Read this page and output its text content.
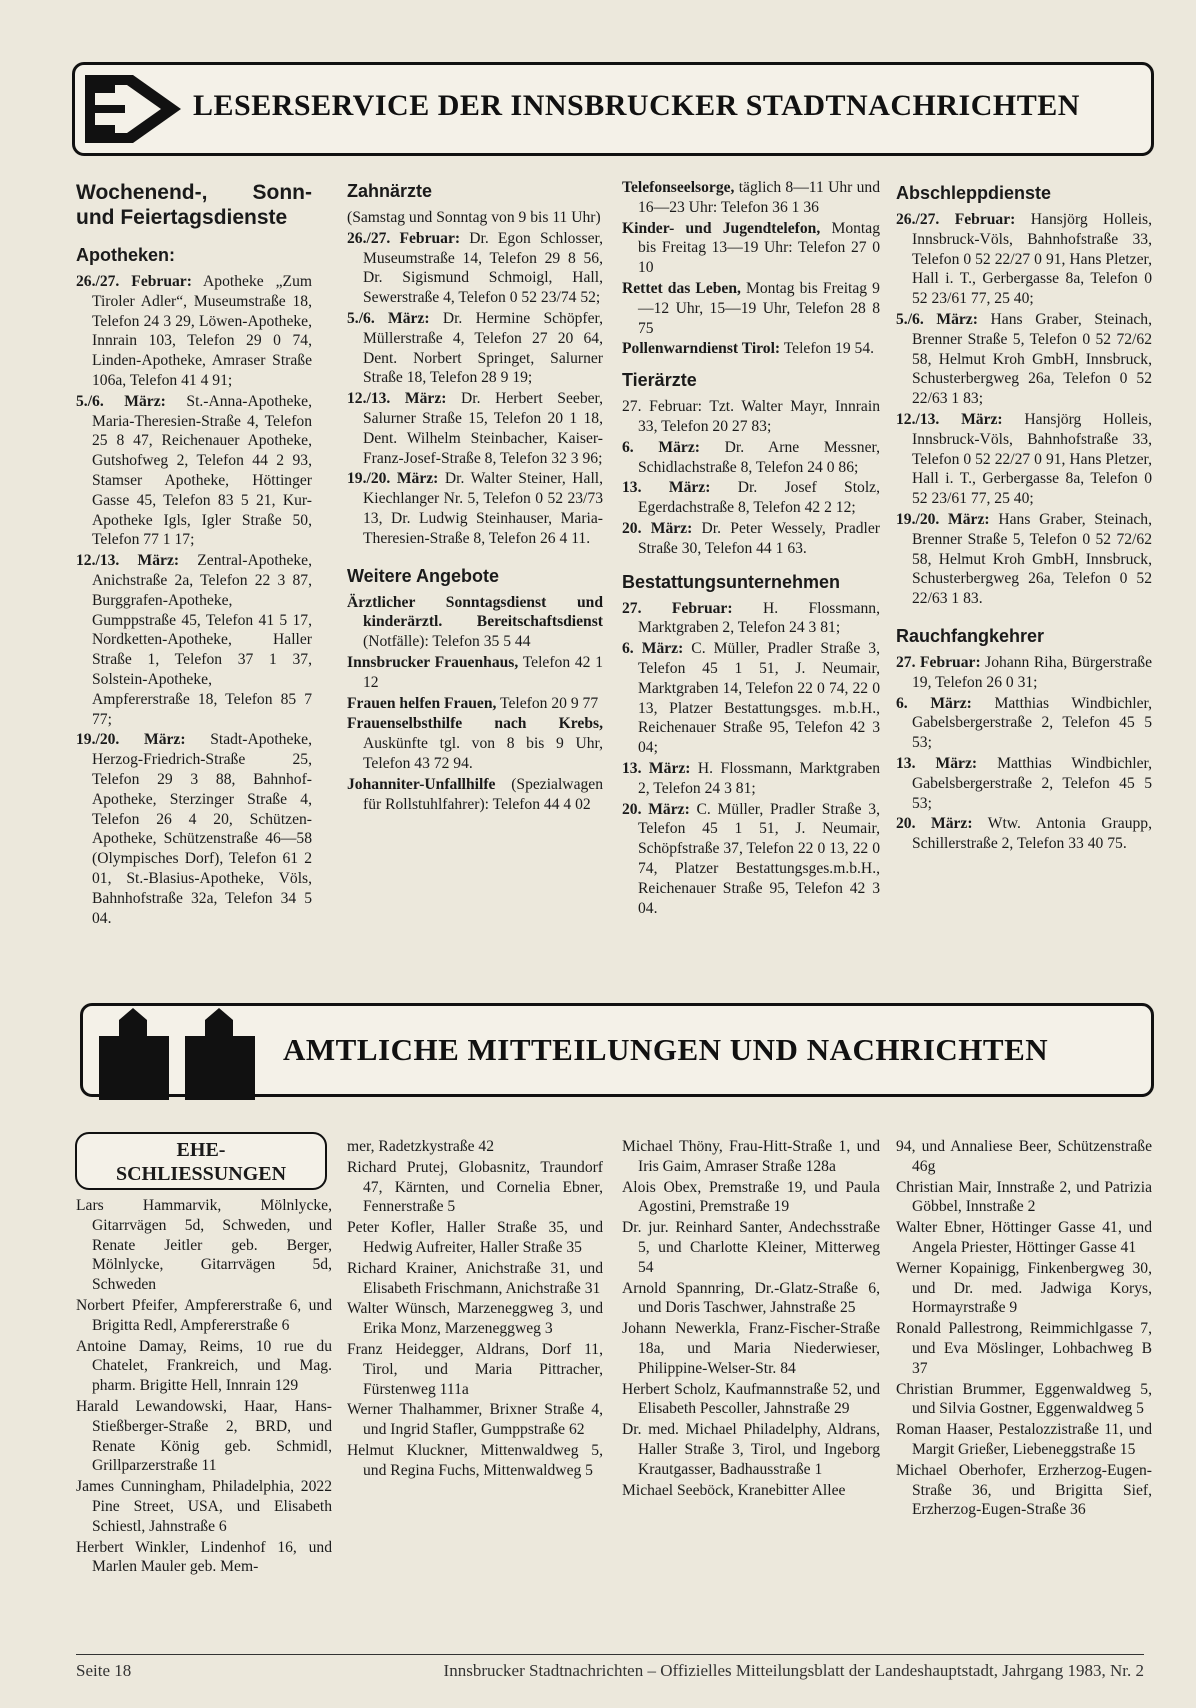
LESERSERVICE DER INNSBRUCKER STADTNACHRICHTEN
Wochenend-, Sonn- und Feiertagsdienste
Apotheken:

26./27. Februar: Apotheke „Zum Tiroler Adler“, Museumstraße 18, Telefon 24 3 29, Löwen-Apotheke, Innrain 103, Telefon 29 0 74, Linden-Apotheke, Amraser Straße 106a, Telefon 41 4 91;

5./6. März: St.-Anna-Apotheke, Maria-Theresien-Straße 4, Telefon 25 8 47, Reichenauer Apotheke, Gutshofweg 2, Telefon 44 2 93, Stamser Apotheke, Höttinger Gasse 45, Telefon 83 5 21, Kur-Apotheke Igls, Igler Straße 50, Telefon 77 1 17;

12./13. März: Zentral-Apotheke, Anichstraße 2a, Telefon 22 3 87, Burggrafen-Apotheke, Gumppstraße 45, Telefon 41 5 17, Nordketten-Apotheke, Haller Straße 1, Telefon 37 1 37, Solstein-Apotheke, Ampfererstraße 18, Telefon 85 7 77;

19./20. März: Stadt-Apotheke, Herzog-Friedrich-Straße 25, Telefon 29 3 88, Bahnhof-Apotheke, Sterzinger Straße 4, Telefon 26 4 20, Schützen-Apotheke, Schützenstraße 46—58 (Olympisches Dorf), Telefon 61 2 01, St.-Blasius-Apotheke, Völs, Bahnhofstraße 32a, Telefon 34 5 04.

Zahnärzte

(Samstag und Sonntag von 9 bis 11 Uhr)

26./27. Februar: Dr. Egon Schlosser, Museumstraße 14, Telefon 29 8 56, Dr. Sigismund Schmoigl, Hall, Sewerstraße 4, Telefon 0 52 23/74 52;

5./6. März: Dr. Hermine Schöpfer, Müllerstraße 4, Telefon 27 20 64, Dent. Norbert Springet, Salurner Straße 18, Telefon 28 9 19;

12./13. März: Dr. Herbert Seeber, Salurner Straße 15, Telefon 20 1 18, Dent. Wilhelm Steinbacher, Kaiser-Franz-Josef-Straße 8, Telefon 32 3 96;

19./20. März: Dr. Walter Steiner, Hall, Kiechlanger Nr. 5, Telefon 0 52 23/73 13, Dr. Ludwig Steinhauser, Maria-Theresien-Straße 8, Telefon 26 4 11.

Weitere Angebote

Ärztlicher Sonntagsdienst und kinderärztl. Bereitschaftsdienst (Notfälle): Telefon 35 5 44

Innsbrucker Frauenhaus, Telefon 42 1 12

Frauen helfen Frauen, Telefon 20 9 77

Frauenselbsthilfe nach Krebs, Auskünfte tgl. von 8 bis 9 Uhr, Telefon 43 72 94.

Johanniter-Unfallhilfe (Spezialwagen für Rollstuhlfahrer): Telefon 44 4 02

Telefonseelsorge, täglich 8—11 Uhr und 16—23 Uhr: Telefon 36 1 36

Kinder- und Jugendtelefon, Montag bis Freitag 13—19 Uhr: Telefon 27 0 10

Rettet das Leben, Montag bis Freitag 9—12 Uhr, 15—19 Uhr, Telefon 28 8 75

Pollenwarndienst Tirol: Telefon 19 54.

Tierärzte

27. Februar: Tzt. Walter Mayr, Innrain 33, Telefon 20 27 83;

6. März: Dr. Arne Messner, Schidlachstraße 8, Telefon 24 0 86;

13. März: Dr. Josef Stolz, Egerdachstraße 8, Telefon 42 2 12;

20. März: Dr. Peter Wessely, Pradler Straße 30, Telefon 44 1 63.

Bestattungsunternehmen

27. Februar: H. Flossmann, Marktgraben 2, Telefon 24 3 81;

6. März: C. Müller, Pradler Straße 3, Telefon 45 1 51, J. Neumair, Marktgraben 14, Telefon 22 0 74, 22 0 13, Platzer Bestattungsges. m.b.H., Reichenauer Straße 95, Telefon 42 3 04;

13. März: H. Flossmann, Marktgraben 2, Telefon 24 3 81;

20. März: C. Müller, Pradler Straße 3, Telefon 45 1 51, J. Neumair, Schöpfstraße 37, Telefon 22 0 13, 22 0 74, Platzer Bestattungsges.m.b.H., Reichenauer Straße 95, Telefon 42 3 04.

Abschleppdienste

26./27. Februar: Hansjörg Holleis, Innsbruck-Völs, Bahnhofstraße 33, Telefon 0 52 22/27 0 91, Hans Pletzer, Hall i. T., Gerbergasse 8a, Telefon 0 52 23/61 77, 25 40;

5./6. März: Hans Graber, Steinach, Brenner Straße 5, Telefon 0 52 72/62 58, Helmut Kroh GmbH, Innsbruck, Schusterbergweg 26a, Telefon 0 52 22/63 1 83;

12./13. März: Hansjörg Holleis, Innsbruck-Völs, Bahnhofstraße 33, Telefon 0 52 22/27 0 91, Hans Pletzer, Hall i. T., Gerbergasse 8a, Telefon 0 52 23/61 77, 25 40;

19./20. März: Hans Graber, Steinach, Brenner Straße 5, Telefon 0 52 72/62 58, Helmut Kroh GmbH, Innsbruck, Schusterbergweg 26a, Telefon 0 52 22/63 1 83.

Rauchfangkehrer

27. Februar: Johann Riha, Bürgerstraße 19, Telefon 26 0 31;

6. März: Matthias Windbichler, Gabelsbergerstraße 2, Telefon 45 5 53;

13. März: Matthias Windbichler, Gabelsbergerstraße 2, Telefon 45 5 53;

20. März: Wtw. Antonia Graupp, Schillerstraße 2, Telefon 33 40 75.

AMTLICHE MITTEILUNGEN UND NACHRICHTEN
EHE-
SCHLIESSUNGEN

Lars Hammarvik, Mölnlycke, Gitarrvägen 5d, Schweden, und Renate Jeitler geb. Berger, Mölnlycke, Gitarrvägen 5d, Schweden

Norbert Pfeifer, Ampfererstraße 6, und Brigitta Redl, Ampfererstraße 6

Antoine Damay, Reims, 10 rue du Chatelet, Frankreich, und Mag. pharm. Brigitte Hell, Innrain 129

Harald Lewandowski, Haar, Hans-Stießberger-Straße 2, BRD, und Renate König geb. Schmidl, Grillparzerstraße 11

James Cunningham, Philadelphia, 2022 Pine Street, USA, und Elisabeth Schiestl, Jahnstraße 6

Herbert Winkler, Lindenhof 16, und Marlen Mauler geb. Mem-

mer, Radetzkystraße 42

Richard Prutej, Globasnitz, Traundorf 47, Kärnten, und Cornelia Ebner, Fennerstraße 5

Peter Kofler, Haller Straße 35, und Hedwig Aufreiter, Haller Straße 35

Richard Krainer, Anichstraße 31, und Elisabeth Frischmann, Anichstraße 31

Walter Wünsch, Marzeneggweg 3, und Erika Monz, Marzeneggweg 3

Franz Heidegger, Aldrans, Dorf 11, Tirol, und Maria Pittracher, Fürstenweg 111a

Werner Thalhammer, Brixner Straße 4, und Ingrid Stafler, Gumppstraße 62

Helmut Kluckner, Mittenwaldweg 5, und Regina Fuchs, Mittenwaldweg 5

Michael Thöny, Frau-Hitt-Straße 1, und Iris Gaim, Amraser Straße 128a

Alois Obex, Premstraße 19, und Paula Agostini, Premstraße 19

Dr. jur. Reinhard Santer, Andechsstraße 5, und Charlotte Kleiner, Mitterweg 54

Arnold Spannring, Dr.-Glatz-Straße 6, und Doris Taschwer, Jahnstraße 25

Johann Newerkla, Franz-Fischer-Straße 18a, und Maria Niederwieser, Philippine-Welser-Str. 84

Herbert Scholz, Kaufmannstraße 52, und Elisabeth Pescoller, Jahnstraße 29

Dr. med. Michael Philadelphy, Aldrans, Haller Straße 3, Tirol, und Ingeborg Krautgasser, Badhausstraße 1

Michael Seeböck, Kranebitter Allee

94, und Annaliese Beer, Schützenstraße 46g

Christian Mair, Innstraße 2, und Patrizia Göbbel, Innstraße 2

Walter Ebner, Höttinger Gasse 41, und Angela Priester, Höttinger Gasse 41

Werner Kopainigg, Finkenbergweg 30, und Dr. med. Jadwiga Korys, Hormayrstraße 9

Ronald Pallestrong, Reimmichlgasse 7, und Eva Möslinger, Lohbachweg B 37

Christian Brummer, Eggenwaldweg 5, und Silvia Gostner, Eggenwaldweg 5

Roman Haaser, Pestalozzistraße 11, und Margit Grießer, Liebeneggstraße 15

Michael Oberhofer, Erzherzog-Eugen-Straße 36, und Brigitta Sief, Erzherzog-Eugen-Straße 36

Seite 18	Innsbrucker Stadtnachrichten – Offizielles Mitteilungsblatt der Landeshauptstadt, Jahrgang 1983, Nr. 2
